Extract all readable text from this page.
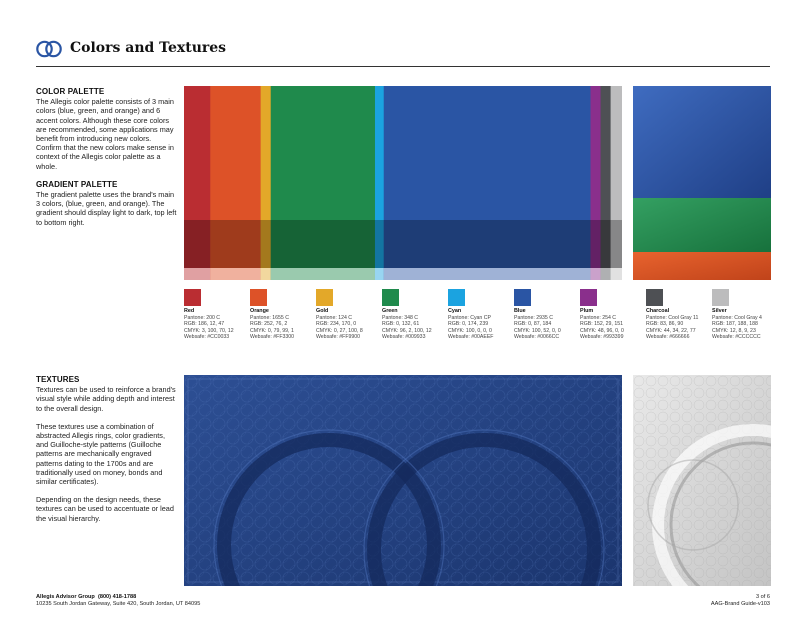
Colors and Textures
COLOR PALETTE

The Allegis color palette consists of 3 main colors (blue, green, and orange) and 6 accent colors. Although these core colors are recommended, some applications may benefit from introducing new colors. Confirm that the new colors make sense in context of the Allegis color palette as a whole.

GRADIENT PALETTE

The gradient palette uses the brand's main 3 colors, (blue, green, and orange). The gradient should display light to dark, top left to bottom right.

Red
Pantone: 200 C
RGB: 186, 12, 47
CMYK: 3, 100, 70, 12
Websafe: #CC0033
Orange
Pantone: 1655 C
RGB: 252, 76, 2
CMYK: 0, 79, 99, 1
Websafe: #FF3300
Gold
Pantone: 124 C
RGB: 234, 170, 0
CMYK: 0, 27, 100, 8
Websafe: #FF9900
Green
Pantone: 348 C
RGB: 0, 132, 61
CMYK: 96, 2, 100, 12
Websafe: #009933
Cyan
Pantone: Cyan CP
RGB: 0, 174, 239
CMYK: 100, 0, 0, 0
Websafe: #00AEEF
Blue
Pantone: 2935 C
RGB: 0, 87, 184
CMYK: 100, 52, 0, 0
Websafe: #0066CC
Plum
Pantone: 254 C
RGB: 152, 29, 151
CMYK: 48, 96, 0, 0
Websafe: #993399
Charcoal
Pantone: Cool Gray 11
RGB: 83, 86, 90
CMYK: 44, 34, 22, 77
Websafe: #666666
Silver
Pantone: Cool Gray 4
RGB: 187, 188, 188
CMYK: 12, 8, 9, 23
Websafe: #CCCCCC
TEXTURES

Textures can be used to reinforce a brand's visual style while adding depth and interest to the overall design.

These textures use a combination of abstracted Allegis rings, color gradients, and Guilloche-style patterns (Guilloche patterns are mechanically engraved patterns dating to the 1700s and are traditionally used on money, bonds and similar certificates).

Depending on the design needs, these textures can be used to accentuate or lead the visual hierarchy.

Allegis Advisor Group (800) 418-1788
10235 South Jordan Gateway, Suite 420, South Jordan, UT 84095
3 of 6
AAG-Brand Guide-v103
